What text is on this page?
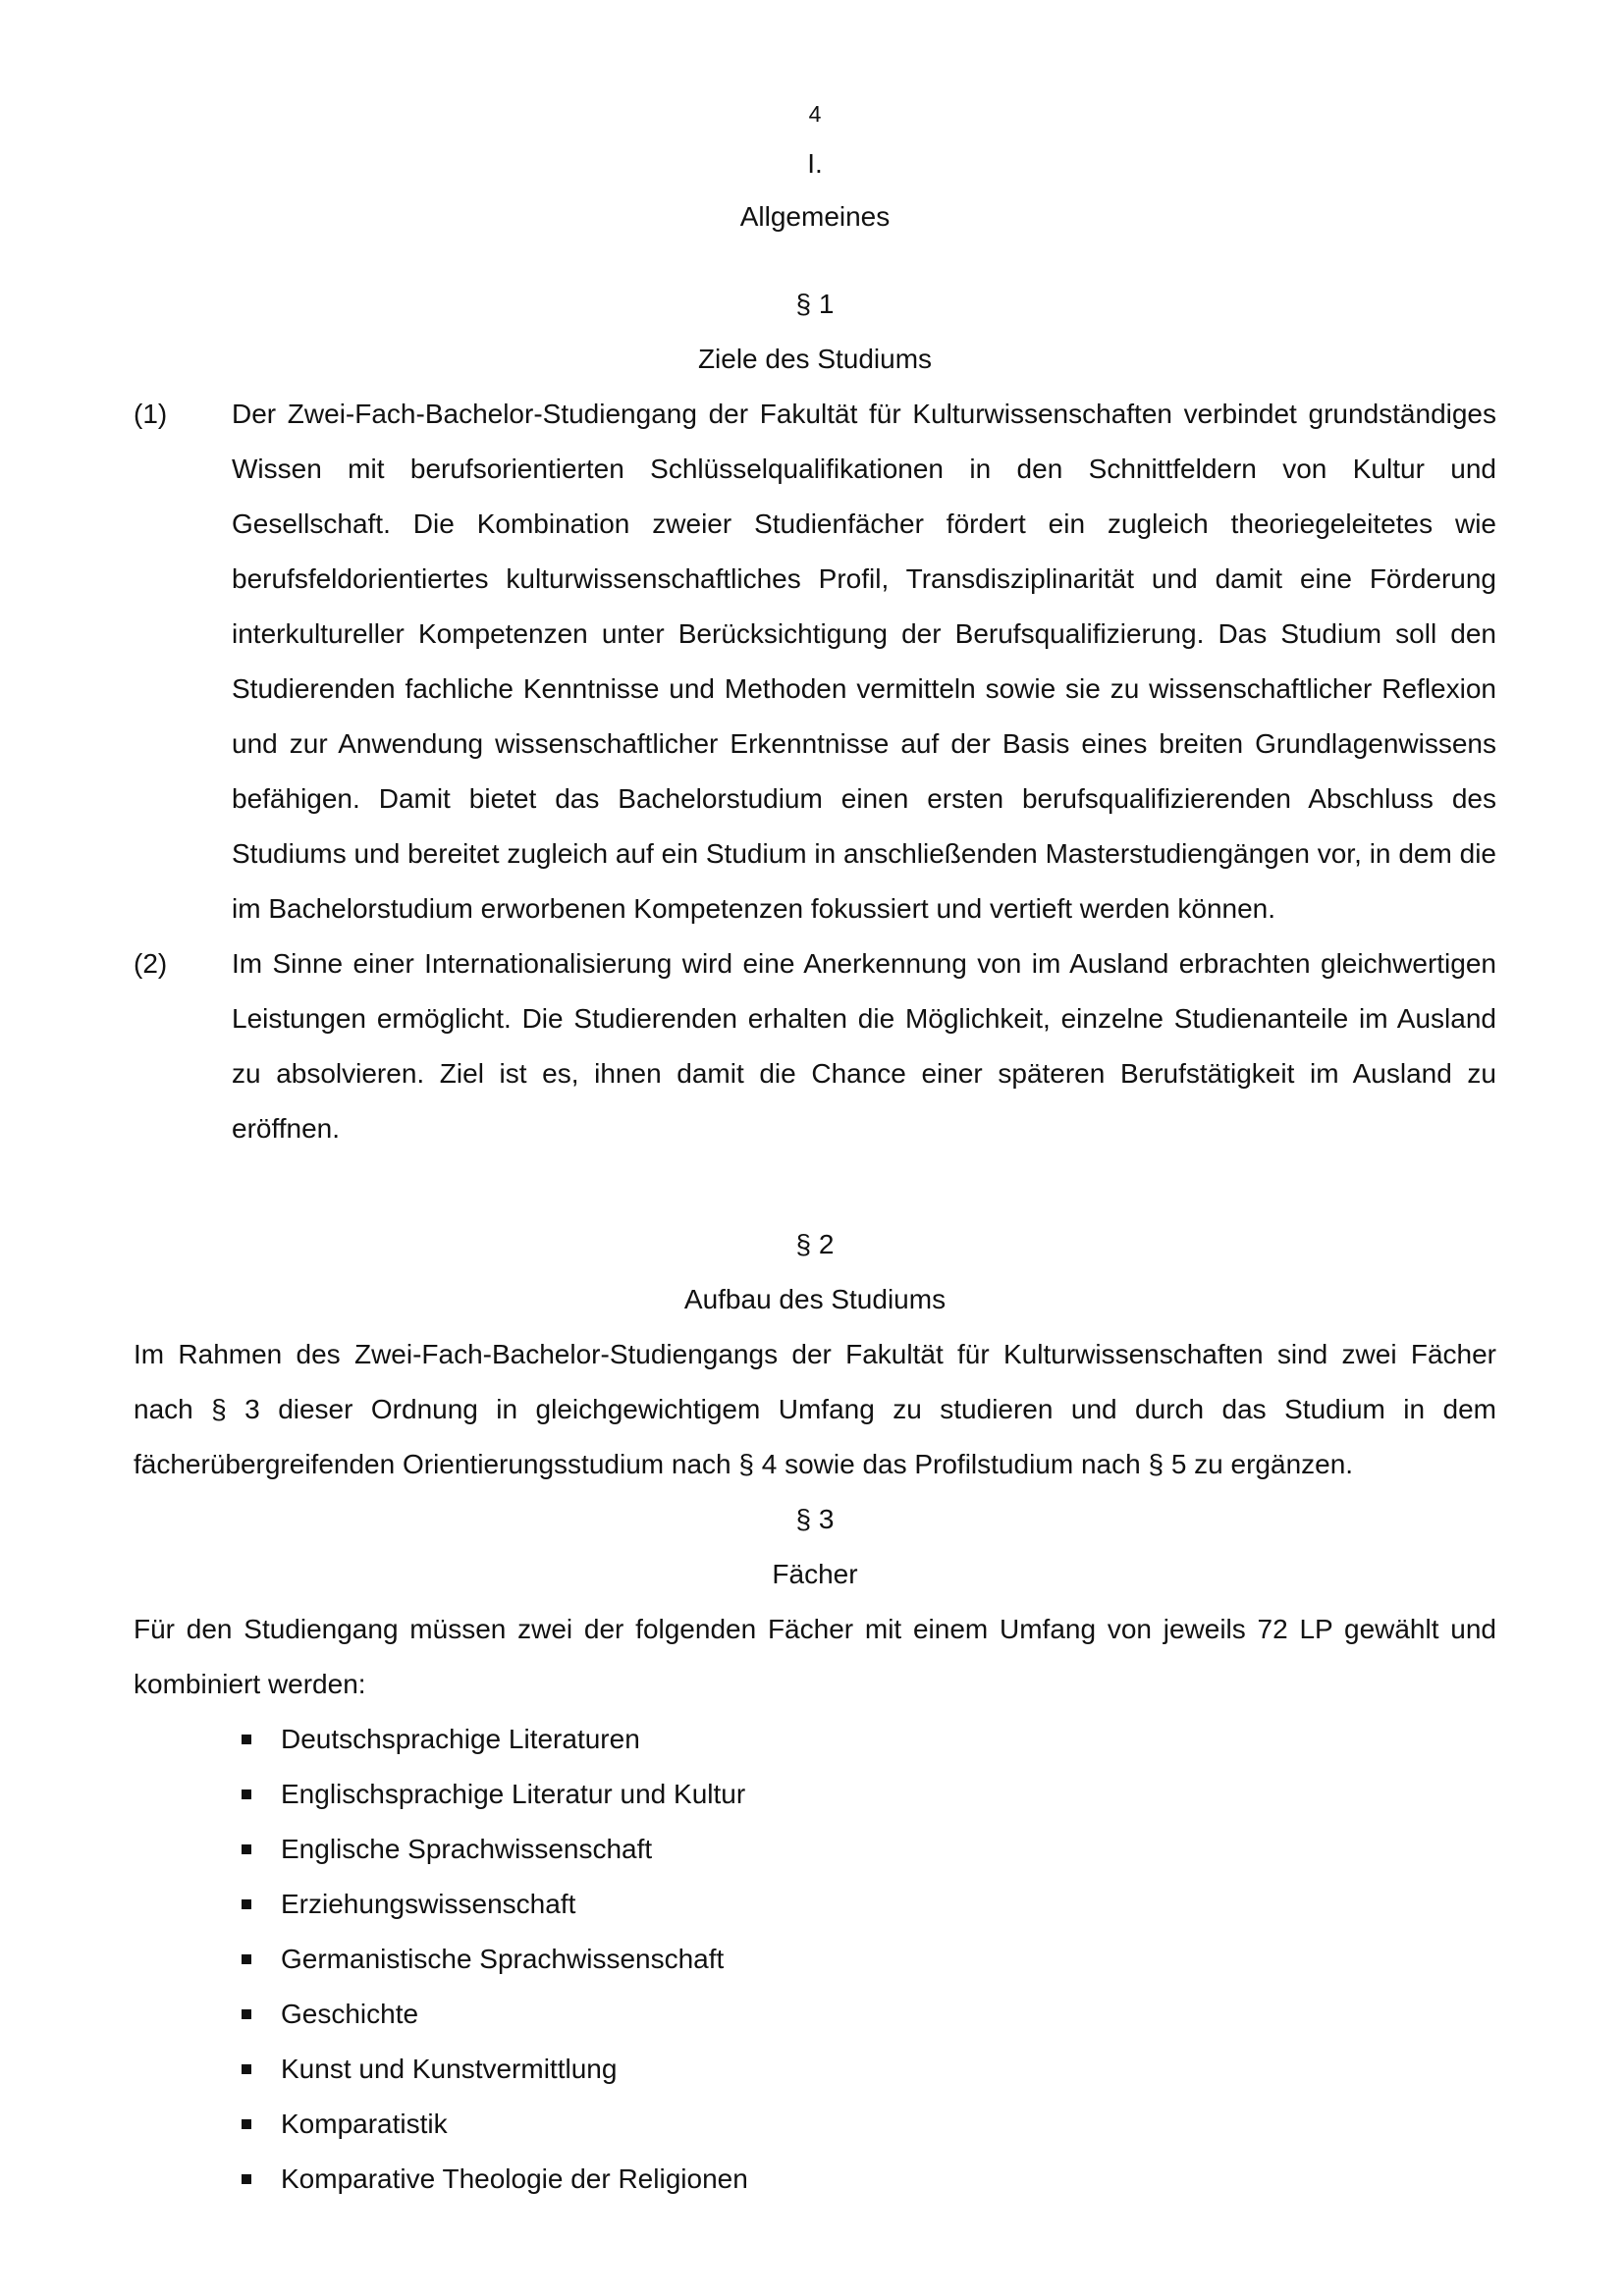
4
I.
Allgemeines
§ 1
Ziele des Studiums
(1)	Der Zwei-Fach-Bachelor-Studiengang der Fakultät für Kulturwissenschaften verbindet grundständiges Wissen mit berufsorientierten Schlüsselqualifikationen in den Schnittfeldern von Kultur und Gesellschaft. Die Kombination zweier Studienfächer fördert ein zugleich theoriegeleitetes wie berufsfeldorientiertes kulturwissenschaftliches Profil, Transdisziplinarität und damit eine Förderung interkultureller Kompetenzen unter Berücksichtigung der Berufsqualifizierung. Das Studium soll den Studierenden fachliche Kenntnisse und Methoden vermitteln sowie sie zu wissenschaftlicher Reflexion und zur Anwendung wissenschaftlicher Erkenntnisse auf der Basis eines breiten Grundlagenwissens befähigen. Damit bietet das Bachelorstudium einen ersten berufsqualifizierenden Abschluss des Studiums und bereitet zugleich auf ein Studium in anschließenden Masterstudiengängen vor, in dem die im Bachelorstudium erworbenen Kompetenzen fokussiert und vertieft werden können.
(2)	Im Sinne einer Internationalisierung wird eine Anerkennung von im Ausland erbrachten gleichwertigen Leistungen ermöglicht. Die Studierenden erhalten die Möglichkeit, einzelne Studienanteile im Ausland zu absolvieren. Ziel ist es, ihnen damit die Chance einer späteren Berufstätigkeit im Ausland zu eröffnen.
§ 2
Aufbau des Studiums
Im Rahmen des Zwei-Fach-Bachelor-Studiengangs der Fakultät für Kulturwissenschaften sind zwei Fächer nach § 3 dieser Ordnung in gleichgewichtigem Umfang zu studieren und durch das Studium in dem fächerübergreifenden Orientierungsstudium nach § 4 sowie das Profilstudium nach § 5 zu ergänzen.
§ 3
Fächer
Für den Studiengang müssen zwei der folgenden Fächer mit einem Umfang von jeweils 72 LP gewählt und kombiniert werden:
Deutschsprachige Literaturen
Englischsprachige Literatur und Kultur
Englische Sprachwissenschaft
Erziehungswissenschaft
Germanistische Sprachwissenschaft
Geschichte
Kunst und Kunstvermittlung
Komparatistik
Komparative Theologie der Religionen
